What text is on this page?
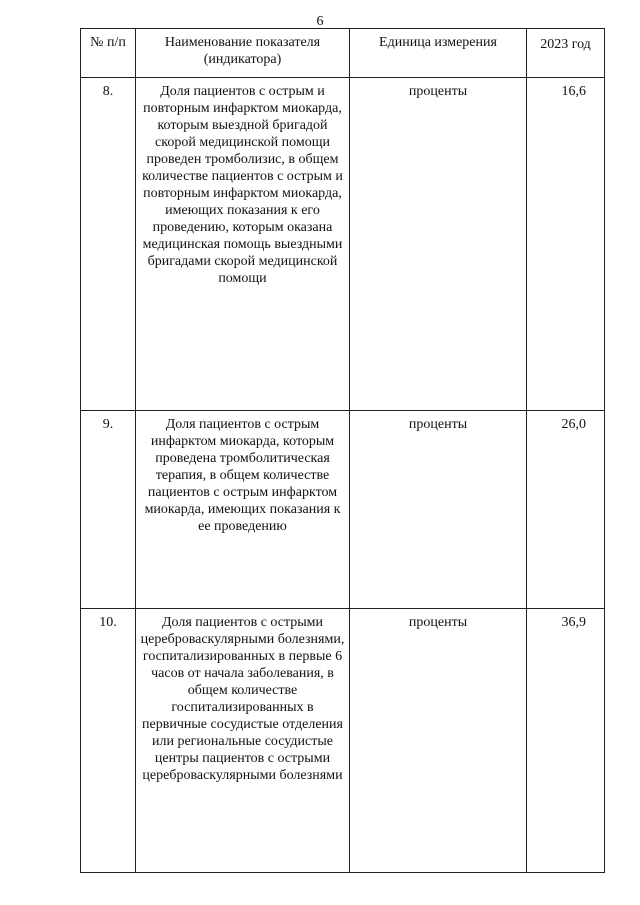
6
№ п/п	Наименование показателя (индикатора)	Единица измерения	2023 год
8.	Доля пациентов с острым и повторным инфарктом миокарда, которым выездной бригадой скорой медицинской помощи проведен тромболизис, в общем количестве пациентов с острым и повторным инфарктом миокарда, имеющих показания к его проведению, которым оказана медицинская помощь выездными бригадами скорой медицинской помощи	проценты	16,6
9.	Доля пациентов с острым инфарктом миокарда, которым проведена тромболитическая терапия, в общем количестве пациентов с острым инфарктом миокарда, имеющих показания к ее проведению	проценты	26,0
10.	Доля пациентов с острыми цереброваскулярными болезнями, госпитализированных в первые 6 часов от начала заболевания, в общем количестве госпитализированных в первичные сосудистые отделения или региональные сосудистые центры пациентов с острыми цереброваскулярными болезнями	проценты	36,9
